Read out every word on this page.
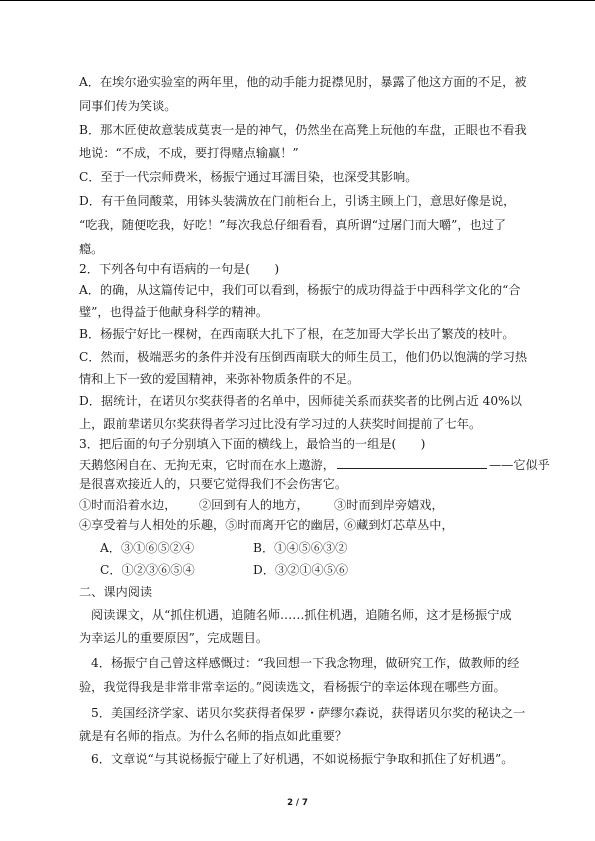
A．在埃尔逊实验室的两年里，他的动手能力捉襟见肘，暴露了他这方面的不足，被
同事们传为笑谈。
B．那木匠使故意装成莫衷一是的神气，仍然坐在高凳上玩他的车盘，正眼也不看我
地说：“不成，不成，要打得赌点输赢！”
C．至于一代宗师费米，杨振宁通过耳濡目染，也深受其影响。
D．有干鱼同酸菜，用钵头装满放在门前柜台上，引诱主顾上门，意思好像是说，
“吃我，随便吃我，好吃！”每次我总仔细看看，真所谓“过屠门而大嚼”，也过了
瘾。
2．下列各句中有语病的一句是(　　)
A．的确，从这篇传记中，我们可以看到，杨振宁的成功得益于中西科学文化的“合
璧”，也得益于他献身科学的精神。
B．杨振宁好比一棵树，在西南联大扎下了根，在芝加哥大学长出了繁茂的枝叶。
C．然而，极端恶劣的条件并没有压倒西南联大的师生员工，他们仍以饱满的学习热
情和上下一致的爱国精神，来弥补物质条件的不足。
D．据统计，在诺贝尔奖获得者的名单中，因师徒关系而获奖者的比例占近 40%以
上，跟前辈诺贝尔奖获得者学习过比没有学习过的人获奖时间提前了七年。
3．把后面的句子分别填入下面的横线上，最恰当的一组是(　　)
天鹅悠闲自在、无拘无束，它时而在水上遨游，	——它似乎
是很喜欢接近人的，只要它觉得我们不会伤害它。
①时而沿着水边， ②回到有人的地方， ③时而到岸旁嬉戏，
④享受着与人相处的乐趣，⑤时而离开它的幽居，
⑥藏到灯芯草丛中，
A．③①⑥⑤②④	B．①④⑤⑥③②
C．①②③⑥⑤④	D．③②①④⑤⑥
二、课内阅读
阅读课文，从“抓住机遇，追随名师……抓住机遇，追随名师，这才是杨振宁成
为幸运儿的重要原因”，完成题目。
4．杨振宁自己曾这样感慨过：“我回想一下我念物理，做研究工作，做教师的经
验，我觉得我是非常非常幸运的。”阅读选文，看杨振宁的幸运体现在哪些方面。
5．美国经济学家、诺贝尔奖获得者保罗・萨缪尔森说，获得诺贝尔奖的秘诀之一
就是有名师的指点。为什么名师的指点如此重要？
6．文章说“与其说杨振宁碰上了好机遇，不如说杨振宁争取和抓住了好机遇”。
2 / 7
